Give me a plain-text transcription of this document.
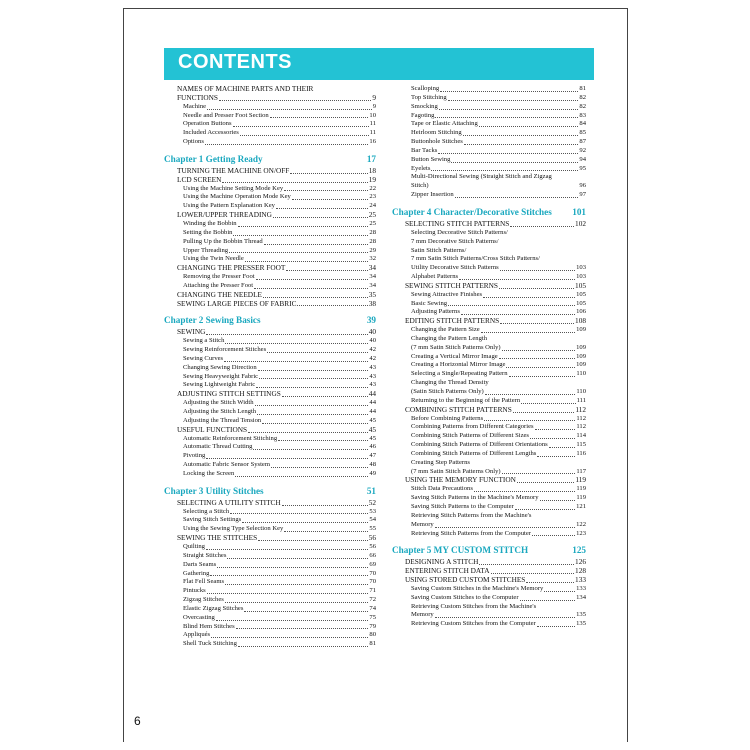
CONTENTS
NAMES OF MACHINE PARTS AND THEIR
FUNCTIONS	9
Machine	9
Needle and Presser Foot Section	10
Operation Buttons	11
Included Accessories	11
Options	16
Chapter 1 Getting Ready	17
TURNING THE MACHINE ON/OFF	18
LCD SCREEN	19
Using the Machine Setting Mode Key	22
Using the Machine Operation Mode Key	23
Using the Pattern Explanation Key	24
LOWER/UPPER THREADING	25
Winding the Bobbin	25
Setting the Bobbin	28
Pulling Up the Bobbin Thread	28
Upper Threading	29
Using the Twin Needle	32
CHANGING THE PRESSER FOOT	34
Removing the Presser Foot	34
Attaching the Presser Foot	34
CHANGING THE NEEDLE	35
SEWING LARGE PIECES OF FABRIC	38
Chapter 2 Sewing Basics	39
SEWING	40
Sewing a Stitch	40
Sewing Reinforcement Stitches	42
Sewing Curves	42
Changing Sewing Direction	43
Sewing Heavyweight Fabric	43
Sewing Lightweight Fabric	43
ADJUSTING STITCH SETTINGS	44
Adjusting the Stitch Width	44
Adjusting the Stitch Length	44
Adjusting the Thread Tension	45
USEFUL FUNCTIONS	45
Automatic Reinforcement Stitching	45
Automatic Thread Cutting	46
Pivoting	47
Automatic Fabric Sensor System	48
Locking the Screen	49
Chapter 3 Utility Stitches	51
SELECTING A UTILITY STITCH	52
Selecting a Stitch	53
Saving Stitch Settings	54
Using the Sewing Type Selection Key	55
SEWING THE STITCHES	56
Quilting	56
Straight Stitches	66
Darts Seams	69
Gathering	70
Flat Fell Seams	70
Pintucks	71
Zigzag Stitches	72
Elastic Zigzag Stitches	74
Overcasting	75
Blind Hem Stitches	79
Appliqués	80
Shell Tuck Stitching	81
Scalloping	81
Top Stitching	82
Smocking	82
Fagoting	83
Tape or Elastic Attaching	84
Heirloom Stitching	85
Buttonhole Stitches	87
Bar Tacks	92
Button Sewing	94
Eyelets	95
Multi-Directional Sewing (Straight Stitch and Zigzag
Stitch)	96
Zipper Insertion	97
Chapter 4 Character/Decorative Stitches 101
SELECTING STITCH PATTERNS	102
Selecting Decorative Stitch Patterns/
7 mm Decorative Stitch Patterns/
Satin Stitch Patterns/
7 mm Satin Stitch Patterns/Cross Stitch Patterns/
Utility Decorative Stitch Patterns	103
Alphabet Patterns	103
SEWING STITCH PATTERNS	105
Sewing Attractive Finishes	105
Basic Sewing	105
Adjusting Patterns	106
EDITING STITCH PATTERNS	108
Changing the Pattern Size	109
Changing the Pattern Length
(7 mm Satin Stitch Patterns Only)	109
Creating a Vertical Mirror Image	109
Creating a Horizontal Mirror Image	109
Selecting a Single/Repeating Pattern	110
Changing the Thread Density
(Satin Stitch Patterns Only)	110
Returning to the Beginning of the Pattern	111
COMBINING STITCH PATTERNS	112
Before Combining Patterns	112
Combining Patterns from Different Categories	112
Combining Stitch Patterns of Different Sizes	114
Combining Stitch Patterns of Different Orientations	115
Combining Stitch Patterns of Different Lengths	116
Creating Step Patterns
(7 mm Satin Stitch Patterns Only)	117
USING THE MEMORY FUNCTION	119
Stitch Data Precautions	119
Saving Stitch Patterns in the Machine's Memory	119
Saving Stitch Patterns to the Computer	121
Retrieving Stitch Patterns from the Machine's
Memory	122
Retrieving Stitch Patterns from the Computer	123
Chapter 5 MY CUSTOM STITCH	125
DESIGNING A STITCH	126
ENTERING STITCH DATA	128
USING STORED CUSTOM STITCHES	133
Saving Custom Stitches in the Machine's Memory	133
Saving Custom Stitches to the Computer	134
Retrieving Custom Stitches from the Machine's
Memory	135
Retrieving Custom Stitches from the Computer	135
6
